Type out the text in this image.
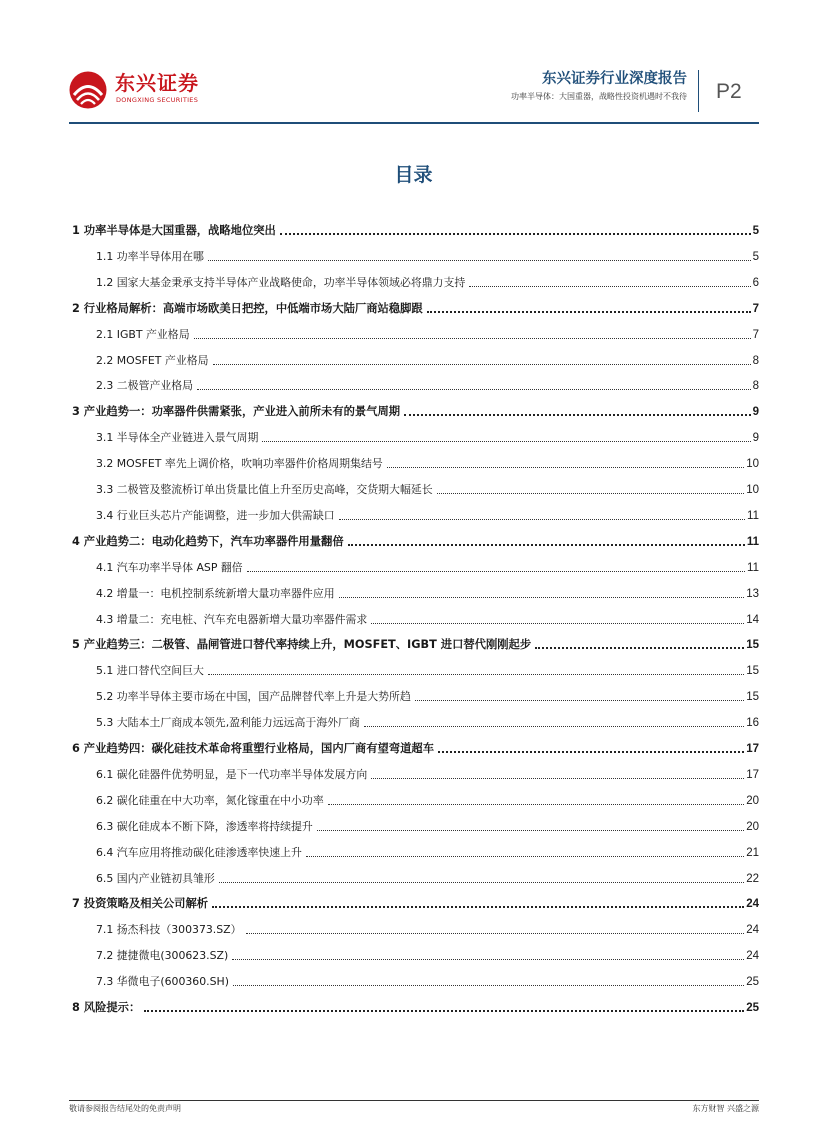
东兴证券
DONGXING SECURITIES
东兴证券行业深度报告
功率半导体：大国重器，战略性投资机遇时不我待 P2
目录
1 功率半导体是大国重器，战略地位突出	5
1.1 功率半导体用在哪	5
1.2 国家大基金秉承支持半导体产业战略使命，功率半导体领域必将鼎力支持	6
2 行业格局解析：高端市场欧美日把控，中低端市场大陆厂商站稳脚跟	7
2.1 IGBT 产业格局	7
2.2 MOSFET 产业格局	8
2.3 二极管产业格局	8
3 产业趋势一：功率器件供需紧张，产业进入前所未有的景气周期	9
3.1 半导体全产业链进入景气周期	9
3.2 MOSFET 率先上调价格，吹响功率器件价格周期集结号	10
3.3 二极管及整流桥订单出货量比值上升至历史高峰，交货期大幅延长	10
3.4 行业巨头芯片产能调整，进一步加大供需缺口	11
4 产业趋势二：电动化趋势下，汽车功率器件用量翻倍	11
4.1 汽车功率半导体 ASP 翻倍	11
4.2 增量一：电机控制系统新增大量功率器件应用	13
4.3 增量二：充电桩、汽车充电器新增大量功率器件需求	14
5 产业趋势三：二极管、晶闸管进口替代率持续上升，MOSFET、IGBT 进口替代刚刚起步	15
5.1 进口替代空间巨大	15
5.2 功率半导体主要市场在中国，国产品牌替代率上升是大势所趋	15
5.3 大陆本土厂商成本领先,盈利能力远远高于海外厂商	16
6 产业趋势四：碳化硅技术革命将重塑行业格局，国内厂商有望弯道超车	17
6.1 碳化硅器件优势明显，是下一代功率半导体发展方向	17
6.2 碳化硅重在中大功率，氮化镓重在中小功率	20
6.3 碳化硅成本不断下降，渗透率将持续提升	20
6.4 汽车应用将推动碳化硅渗透率快速上升	21
6.5 国内产业链初具雏形	22
7 投资策略及相关公司解析	24
7.1 扬杰科技（300373.SZ）	24
7.2 捷捷微电(300623.SZ)	24
7.3 华微电子(600360.SH)	25
8 风险提示：	25
敬请参阅报告结尾处的免责声明	东方财智 兴盛之源
